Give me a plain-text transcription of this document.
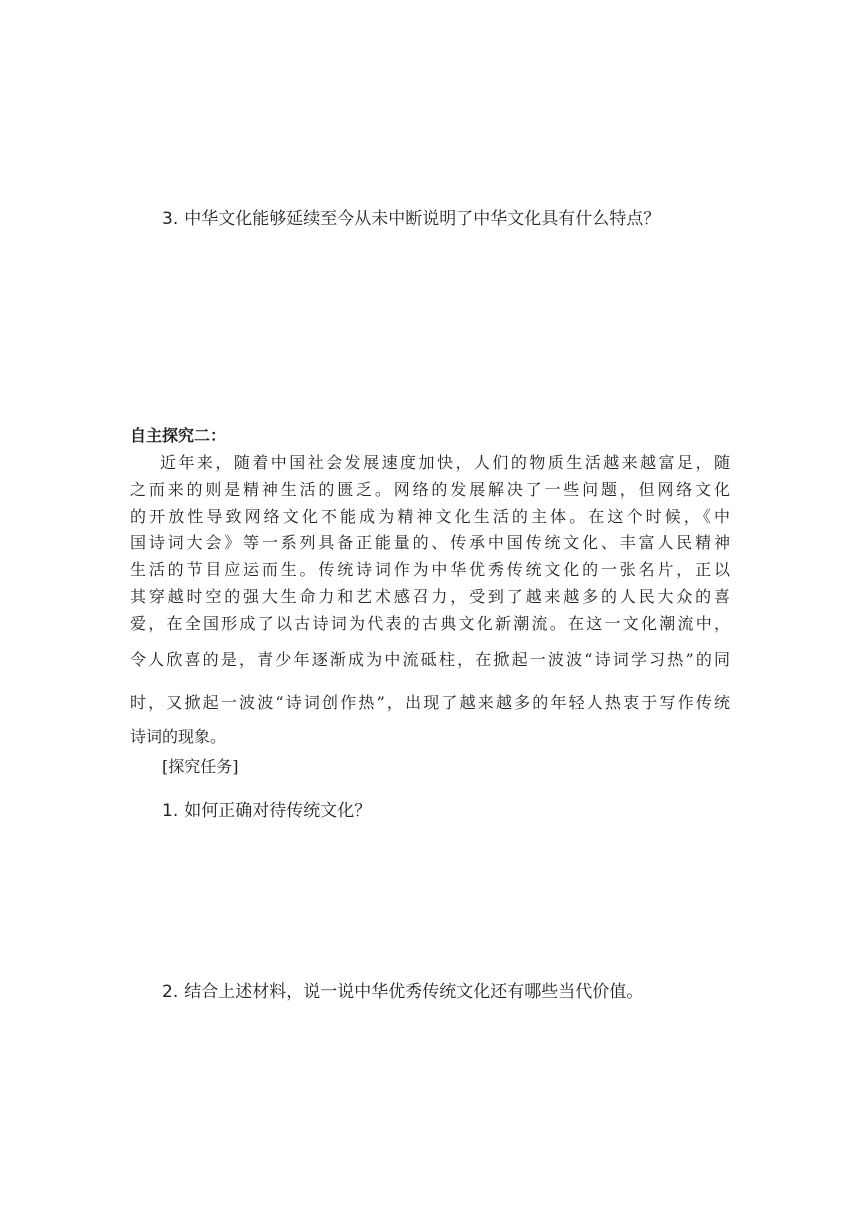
3. 中华文化能够延续至今从未中断说明了中华文化具有什么特点？
自主探究二：
近年来，随着中国社会发展速度加快，人们的物质生活越来越富足，随
之而来的则是精神生活的匮乏。网络的发展解决了一些问题，但网络文化
的开放性导致网络文化不能成为精神文化生活的主体。在这个时候，《中
国诗词大会》等一系列具备正能量的、传承中国传统文化、丰富人民精神
生活的节目应运而生。传统诗词作为中华优秀传统文化的一张名片，正以
其穿越时空的强大生命力和艺术感召力，受到了越来越多的人民大众的喜
爱，在全国形成了以古诗词为代表的古典文化新潮流。在这一文化潮流中，
令人欣喜的是，青少年逐渐成为中流砥柱，在掀起一波波“诗词学习热”的同
时，又掀起一波波“诗词创作热”，出现了越来越多的年轻人热衷于写作传统
诗词的现象。
[探究任务]
1. 如何正确对待传统文化？
2. 结合上述材料，说一说中华优秀传统文化还有哪些当代价值。
